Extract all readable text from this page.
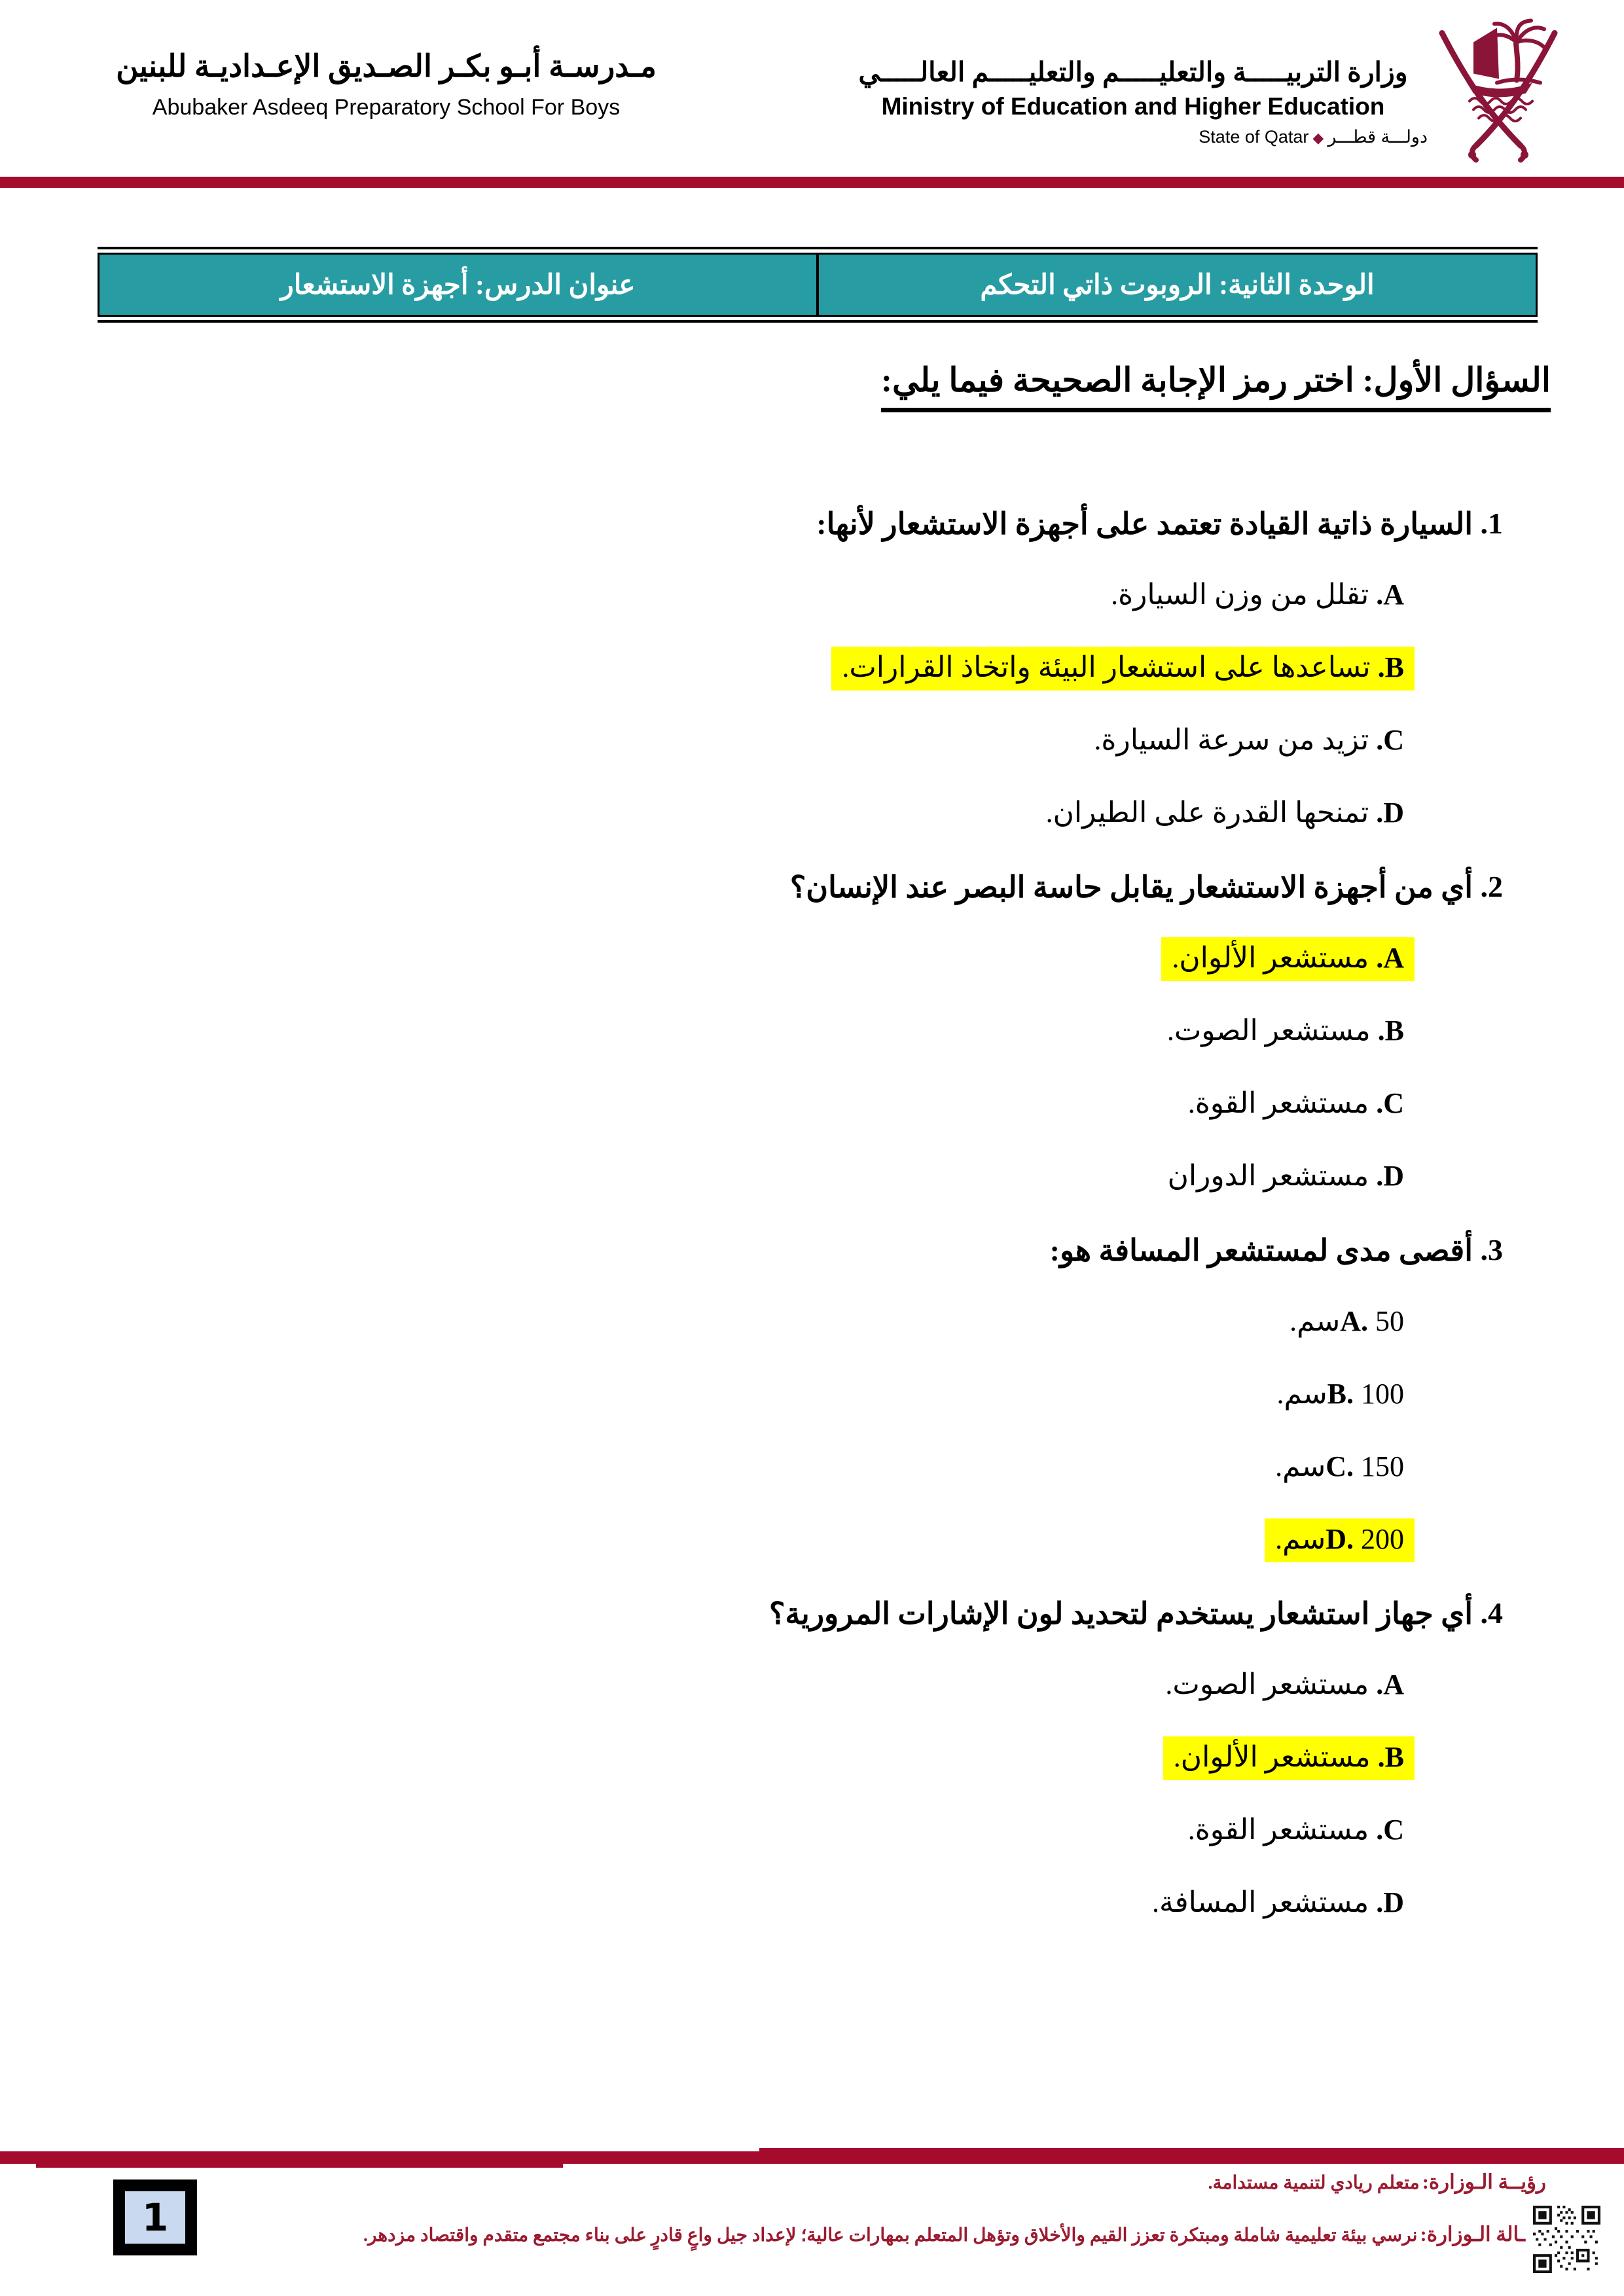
مـدرسـة أبـو بكـر الصـديق الإعـداديـة للبنين
Abubaker Asdeeq Preparatory School For Boys
وزارة التربيـــــة والتعليـــــم والتعليـــــم العالـــــي
Ministry of Education and Higher Education
State of Qatar ◆ دولـــة قطـــر
الوحدة الثانية: الروبوت ذاتي التحكم
عنوان الدرس: أجهزة الاستشعار
السؤال الأول: اختر رمز الإجابة الصحيحة فيما يلي:
1.

السيارة ذاتية القيادة تعتمد على أجهزة الاستشعار لأنها:
A. تقلل من وزن السيارة.
B. تساعدها على استشعار البيئة واتخاذ القرارات.
C. تزيد من سرعة السيارة.
D. تمنحها القدرة على الطيران.
2.

أي من أجهزة الاستشعار يقابل حاسة البصر عند الإنسان؟
A. مستشعر الألوان.
B. مستشعر الصوت.
C. مستشعر القوة.
D. مستشعر الدوران
3.

أقصى مدى لمستشعر المسافة هو:
A. 50سم.
B. 100سم.
C. 150سم.
D. 200سم.
4.

أي جهاز استشعار يستخدم لتحديد لون الإشارات المرورية؟
A. مستشعر الصوت.
B. مستشعر الألوان.
C. مستشعر القوة.
D. مستشعر المسافة.
رؤيــة الـوزارة: متعلم ريادي لتنمية مستدامة.
ـالة الـوزارة: نرسي بيئة تعليمية شاملة ومبتكرة تعزز القيم والأخلاق وتؤهل المتعلم بمهارات عالية؛ لإعداد جيل واعٍ قادرٍ على بناء مجتمع متقدم واقتصاد مزدهر.
1
